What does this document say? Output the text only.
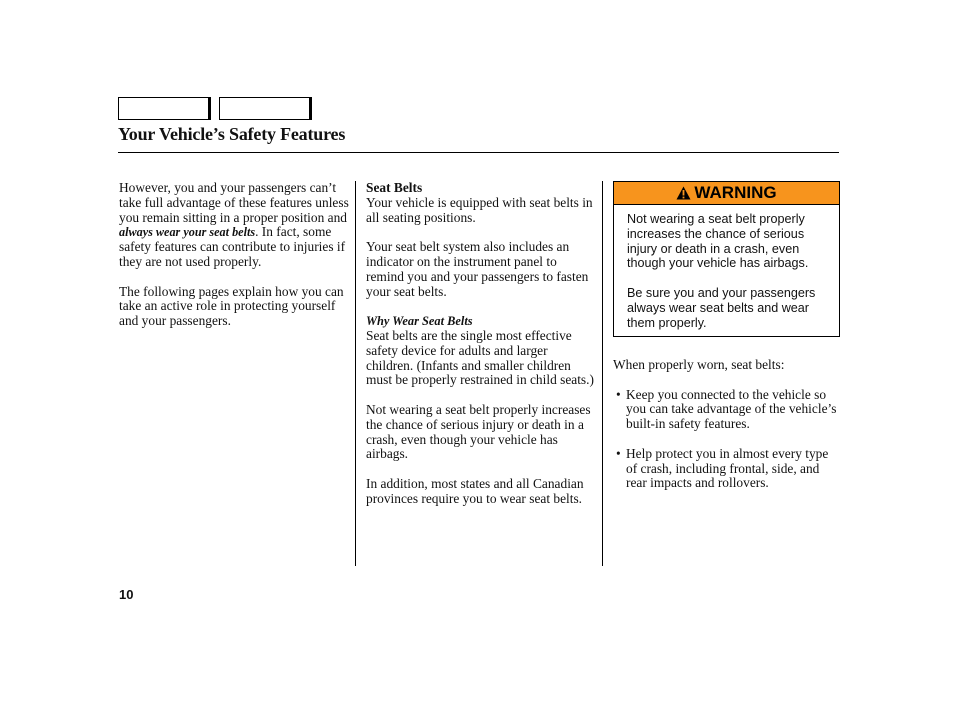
Your Vehicle’s Safety Features

However, you and your passengers can’t take full advantage of these features unless you remain sitting in a proper position and always wear your seat belts. In fact, some safety features can contribute to injuries if they are not used properly.

The following pages explain how you can take an active role in protecting yourself and your passengers.

Seat Belts
Your vehicle is equipped with seat belts in all seating positions.

Your seat belt system also includes an indicator on the instrument panel to remind you and your passengers to fasten your seat belts.

Why Wear Seat Belts
Seat belts are the single most effective safety device for adults and larger children. (Infants and smaller children must be properly restrained in child seats.)

Not wearing a seat belt properly increases the chance of serious injury or death in a crash, even though your vehicle has airbags.

In addition, most states and all Canadian provinces require you to wear seat belts.

WARNING

Not wearing a seat belt properly increases the chance of serious injury or death in a crash, even though your vehicle has airbags.

Be sure you and your passengers always wear seat belts and wear them properly.

When properly worn, seat belts:

• Keep you connected to the vehicle so you can take advantage of the vehicle’s built-in safety features.
• Help protect you in almost every type of crash, including frontal, side, and rear impacts and rollovers.
10
